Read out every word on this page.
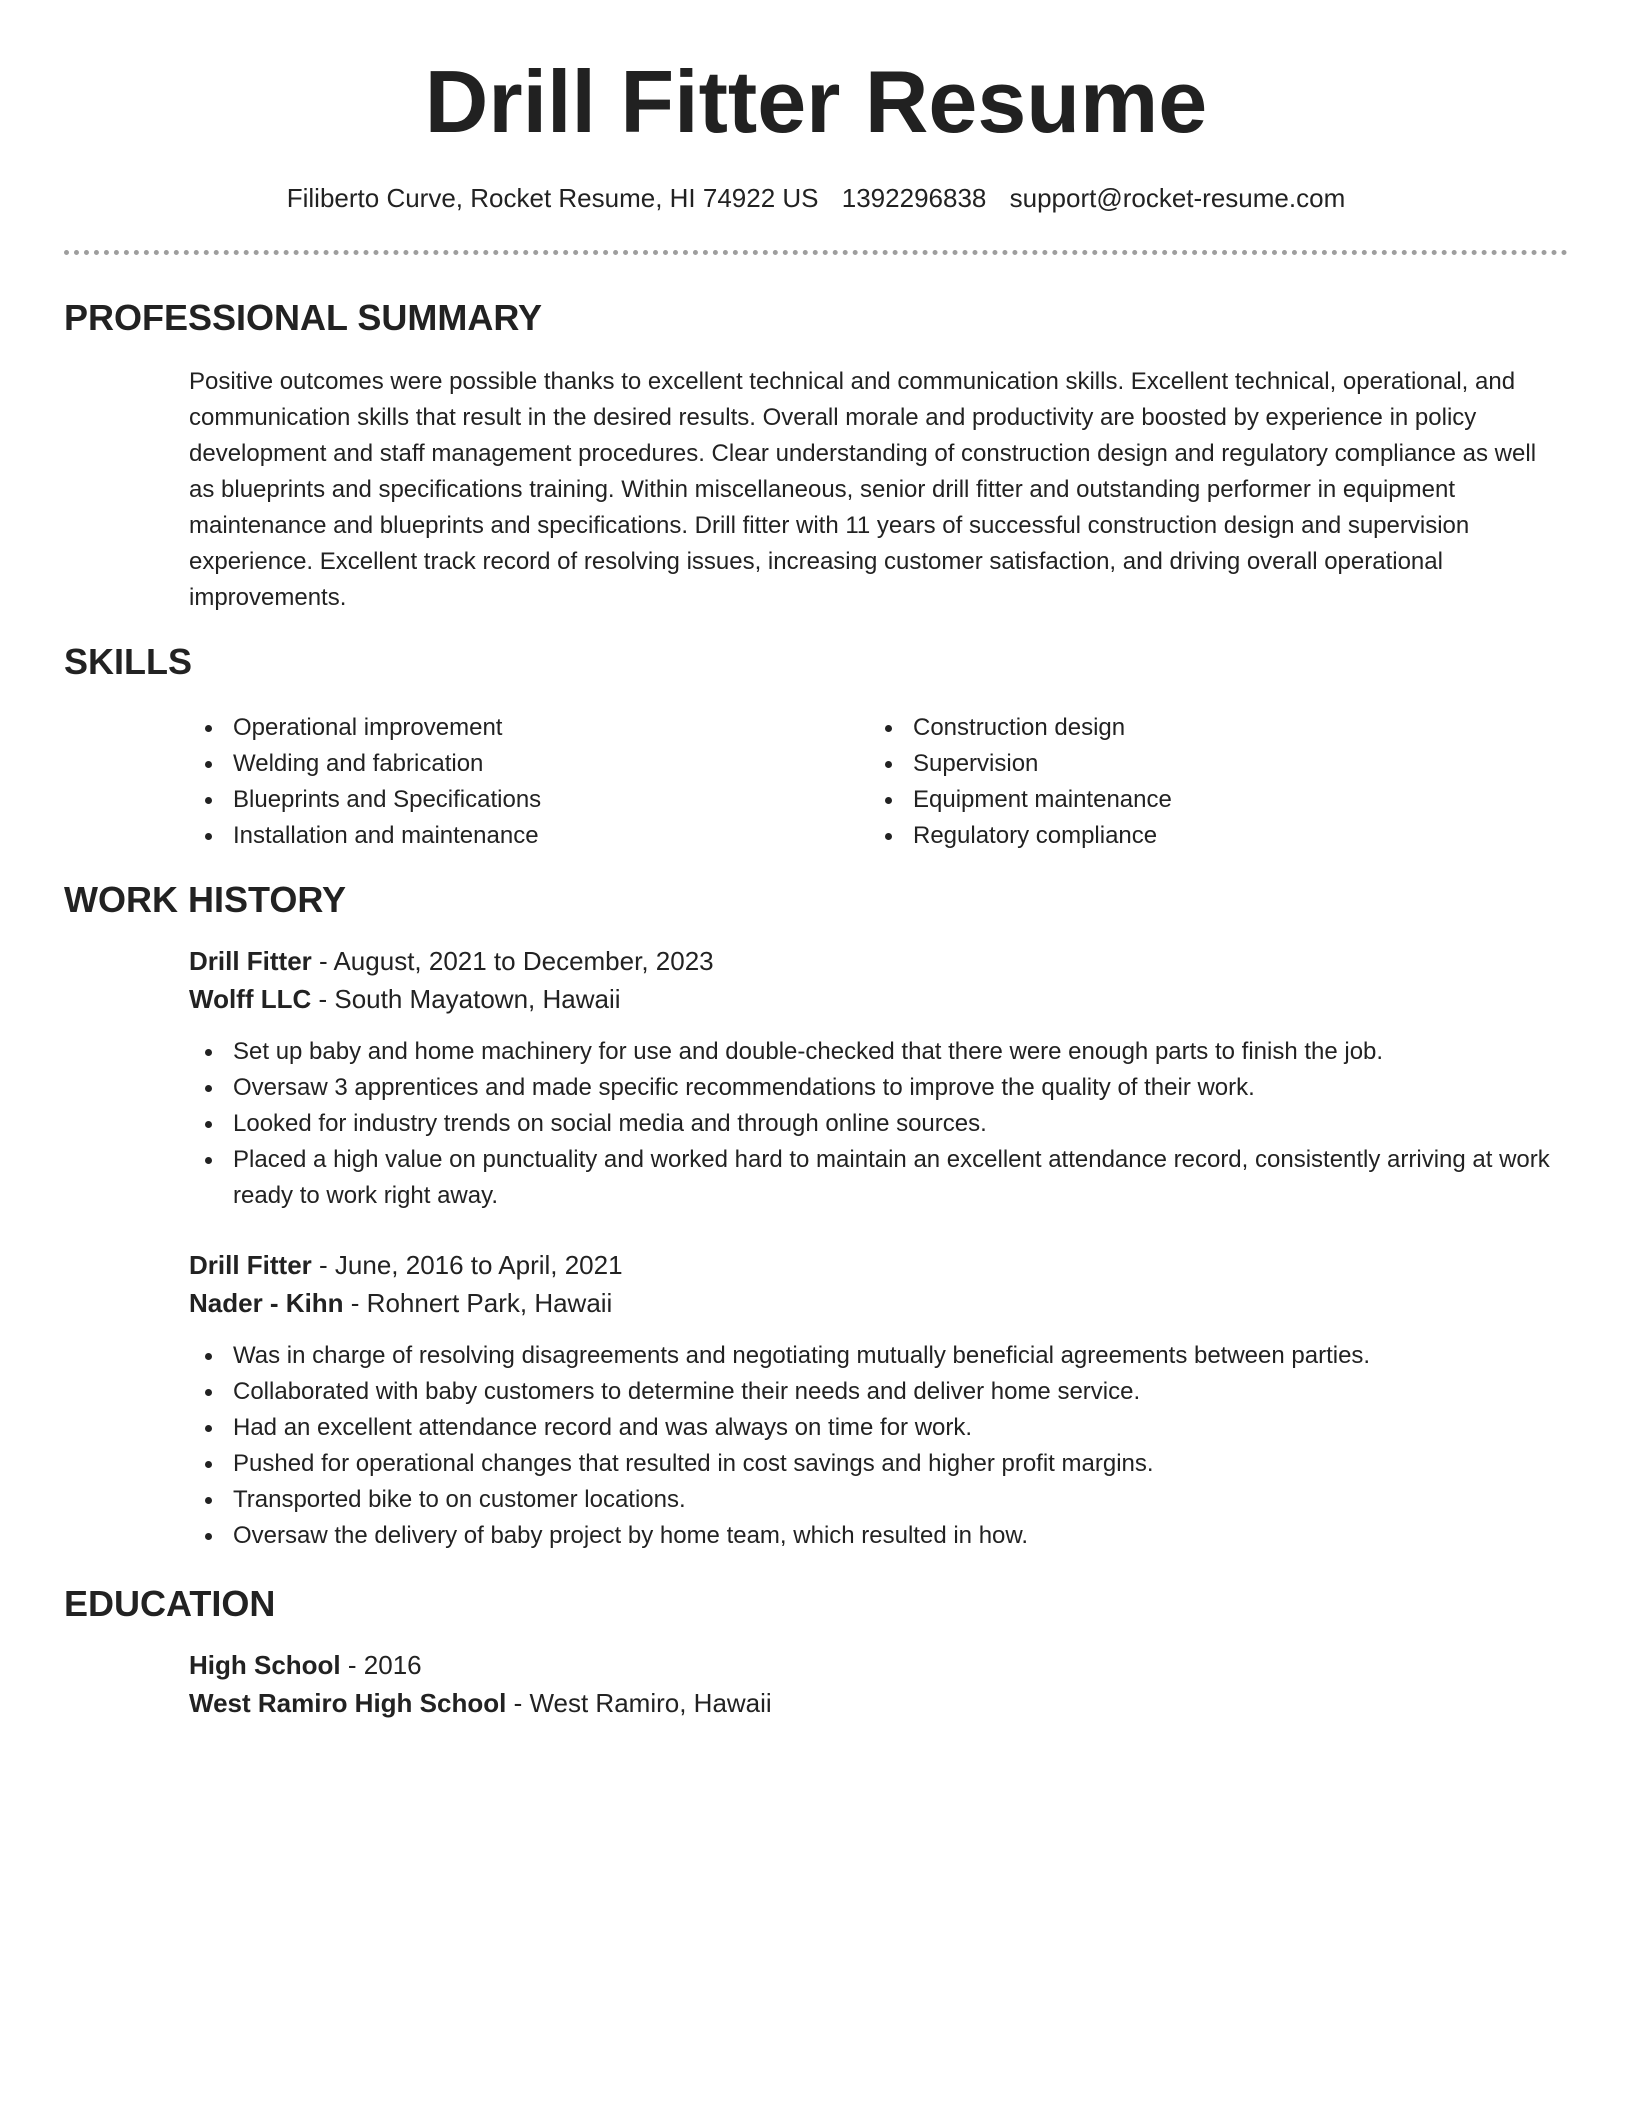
Drill Fitter Resume
Filiberto Curve, Rocket Resume, HI 74922 US 1392296838 support@rocket-resume.com
PROFESSIONAL SUMMARY

Positive outcomes were possible thanks to excellent technical and communication skills. Excellent technical, operational, and communication skills that result in the desired results. Overall morale and productivity are boosted by experience in policy development and staff management procedures. Clear understanding of construction design and regulatory compliance as well as blueprints and specifications training. Within miscellaneous, senior drill fitter and outstanding performer in equipment maintenance and blueprints and specifications. Drill fitter with 11 years of successful construction design and supervision experience. Excellent track record of resolving issues, increasing customer satisfaction, and driving overall operational improvements.

SKILLS
Operational improvement
Welding and fabrication
Blueprints and Specifications
Installation and maintenance
Construction design
Supervision
Equipment maintenance
Regulatory compliance
WORK HISTORY

Drill Fitter - August, 2021 to December, 2023

Wolff LLC - South Mayatown, Hawaii

Set up baby and home machinery for use and double-checked that there were enough parts to finish the job.
Oversaw 3 apprentices and made specific recommendations to improve the quality of their work.
Looked for industry trends on social media and through online sources.
Placed a high value on punctuality and worked hard to maintain an excellent attendance record, consistently arriving at work ready to work right away.

Drill Fitter - June, 2016 to April, 2021

Nader - Kihn - Rohnert Park, Hawaii

Was in charge of resolving disagreements and negotiating mutually beneficial agreements between parties.
Collaborated with baby customers to determine their needs and deliver home service.
Had an excellent attendance record and was always on time for work.
Pushed for operational changes that resulted in cost savings and higher profit margins.
Transported bike to on customer locations.
Oversaw the delivery of baby project by home team, which resulted in how.
EDUCATION

High School - 2016

West Ramiro High School - West Ramiro, Hawaii
